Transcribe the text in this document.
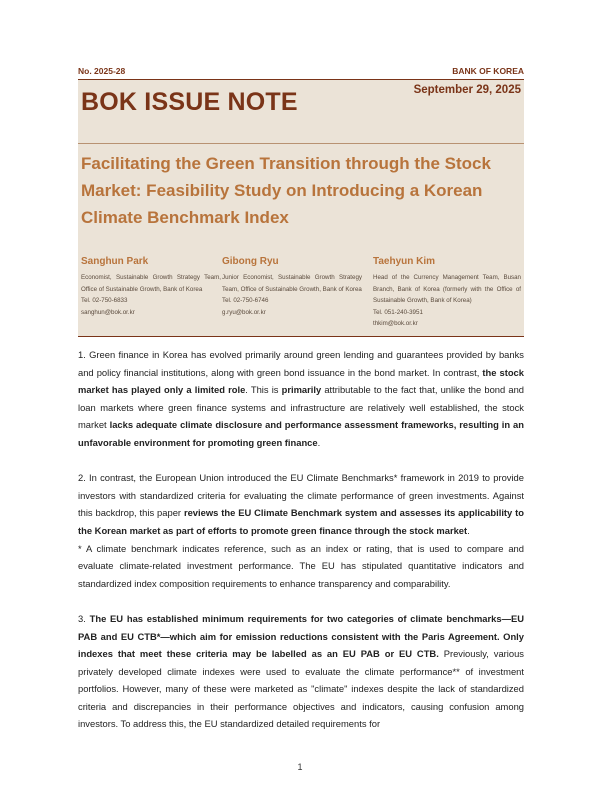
No. 2025-28	BANK OF KOREA
BOK ISSUE NOTE	September 29, 2025
Facilitating the Green Transition through the Stock Market: Feasibility Study on Introducing a Korean Climate Benchmark Index
Sanghun Park
Economist, Sustainable Growth Strategy Team, Office of Sustainable Growth, Bank of Korea
Tel. 02-750-6833
sanghun@bok.or.kr
Gibong Ryu
Junior Economist, Sustainable Growth Strategy Team, Office of Sustainable Growth, Bank of Korea
Tel. 02-750-6746
g.ryu@bok.or.kr
Taehyun Kim
Head of the Currency Management Team, Busan Branch, Bank of Korea (formerly with the Office of Sustainable Growth, Bank of Korea)
Tel. 051-240-3951
thkim@bok.or.kr

1. Green finance in Korea has evolved primarily around green lending and guarantees provided by banks and policy financial institutions, along with green bond issuance in the bond market. In contrast, the stock market has played only a limited role. This is primarily attributable to the fact that, unlike the bond and loan markets where green finance systems and infrastructure are relatively well established, the stock market lacks adequate climate disclosure and performance assessment frameworks, resulting in an unfavorable environment for promoting green finance.

2. In contrast, the European Union introduced the EU Climate Benchmarks* framework in 2019 to provide investors with standardized criteria for evaluating the climate performance of green investments. Against this backdrop, this paper reviews the EU Climate Benchmark system and assesses its applicability to the Korean market as part of efforts to promote green finance through the stock market.

* A climate benchmark indicates reference, such as an index or rating, that is used to compare and evaluate climate-related investment performance. The EU has stipulated quantitative indicators and standardized index composition requirements to enhance transparency and comparability.

3. The EU has established minimum requirements for two categories of climate benchmarks—EU PAB and EU CTB*—which aim for emission reductions consistent with the Paris Agreement. Only indexes that meet these criteria may be labelled as an EU PAB or EU CTB. Previously, various privately developed climate indexes were used to evaluate the climate performance** of investment portfolios. However, many of these were marketed as "climate" indexes despite the lack of standardized criteria and discrepancies in their performance objectives and indicators, causing confusion among investors. To address this, the EU standardized detailed requirements for

1
